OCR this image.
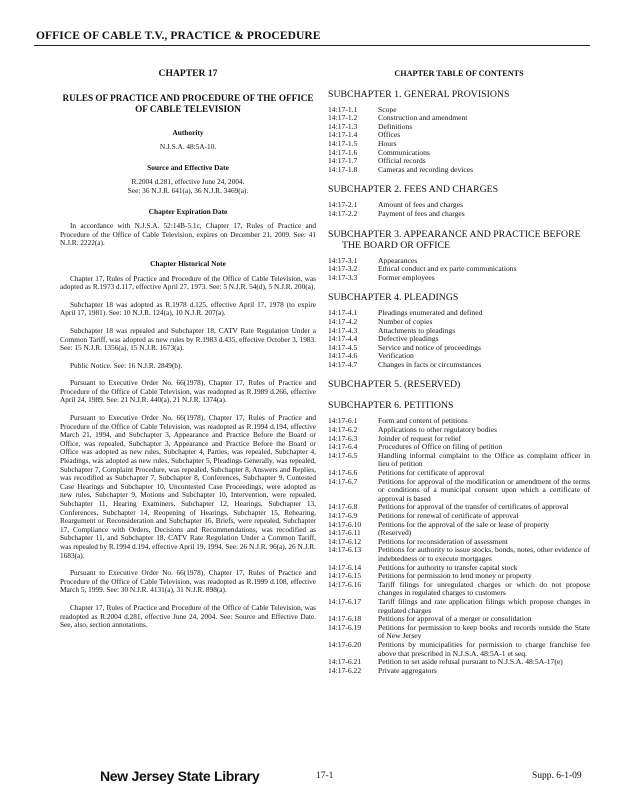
OFFICE OF CABLE T.V., PRACTICE & PROCEDURE
CHAPTER 17
RULES OF PRACTICE AND PROCEDURE OF THE OFFICE OF CABLE TELEVISION
Authority
N.J.S.A. 48:5A-10.
Source and Effective Date
R.2004 d.281, effective June 24, 2004.
See: 36 N.J.R. 641(a), 36 N.J.R. 3469(a).
Chapter Expiration Date

In accordance with N.J.S.A. 52:14B-5.1c, Chapter 17, Rules of Practice and Procedure of the Office of Cable Television, expires on December 21, 2009. See: 41 N.J.R. 2222(a).

Chapter Historical Note

Chapter 17, Rules of Practice and Procedure of the Office of Cable Television, was adopted as R.1973 d.117, effective April 27, 1973. See: 5 N.J.R. 54(d), 5 N.J.R. 200(a).

Subchapter 18 was adopted as R.1978 d.125, effective April 17, 1978 (to expire April 17, 1981). See: 10 N.J.R. 124(a), 10 N.J.R. 207(a).

Subchapter 18 was repealed and Subchapter 18, CATV Rate Regulation Under a Common Tariff, was adopted as new rules by R.1983 d.435, effective October 3, 1983. See: 15 N.J.R. 1356(a), 15 N.J.R. 1673(a).

Public Notice. See: 16 N.J.R. 2849(b).

Pursuant to Executive Order No. 66(1978), Chapter 17, Rules of Practice and Procedure of the Office of Cable Television, was readopted as R.1989 d.266, effective April 24, 1989. See: 21 N.J.R. 440(a), 21 N.J.R. 1374(a).

Pursuant to Executive Order No. 66(1978), Chapter 17, Rules of Practice and Procedure of the Office of Cable Television, was readopted as R.1994 d.194, effective March 21, 1994, and Subchapter 3, Appearance and Practice Before the Board or Office, was repealed, Subchapter 3, Appearance and Practice Before the Board or Office was adopted as new rules, Subchapter 4, Parties, was repealed, Subchapter 4, Pleadings, was adopted as new rules, Subchapter 5, Pleadings Generally, was repealed, Subchapter 7, Complaint Procedure, was repealed, Subchapter 8, Answers and Replies, was recodified as Subchapter 7, Subchapter 8, Conferences, Subchapter 9, Contested Case Hearings and Subchapter 10, Uncontested Case Proceedings, were adopted as new rules, Subchapter 9, Motions and Subchapter 10, Intervention, were repealed, Subchapter 11, Hearing Examiners, Subchapter 12, Hearings, Subchapter 13, Conferences, Subchapter 14, Reopening of Hearings, Subchapter 15, Rehearing, Reargument or Reconsideration and Subchapter 16, Briefs, were repealed, Subchapter 17, Compliance with Orders, Decisions and Recommendations, was recodified as Subchapter 11, and Subchapter 18, CATV Rate Regulation Under a Common Tariff, was repealed by R.1994 d.194, effective April 19, 1994. See: 26 N.J.R. 96(a), 26 N.J.R. 1683(a).

Pursuant to Executive Order No. 66(1978), Chapter 17, Rules of Practice and Procedure of the Office of Cable Television, was readopted as R.1999 d.108, effective March 5, 1999. See: 30 N.J.R. 4131(a), 31 N.J.R. 898(a).

Chapter 17, Rules of Practice and Procedure of the Office of Cable Television, was readopted as R.2004 d.281, effective June 24, 2004. See: Source and Effective Date. See, also, section annotations.

CHAPTER TABLE OF CONTENTS
SUBCHAPTER 1. GENERAL PROVISIONS
14:17-1.1	Scope
14:17-1.2	Construction and amendment
14:17-1.3	Definitions
14:17-1.4	Offices
14:17-1.5	Hours
14:17-1.6	Communications
14:17-1.7	Official records
14:17-1.8	Cameras and recording devices
SUBCHAPTER 2. FEES AND CHARGES
14:17-2.1	Amount of fees and charges
14:17-2.2	Payment of fees and charges
SUBCHAPTER 3. APPEARANCE AND PRACTICE BEFORE
THE BOARD OR OFFICE
14:17-3.1	Appearances
14:17-3.2	Ethical conduct and ex parte communications
14:17-3.3	Former employees
SUBCHAPTER 4. PLEADINGS
14:17-4.1	Pleadings enumerated and defined
14:17-4.2	Number of copies
14:17-4.3	Attachments to pleadings
14:17-4.4	Defective pleadings
14:17-4.5	Service and notice of proceedings
14:17-4.6	Verification
14:17-4.7	Changes in facts or circumstances
SUBCHAPTER 5. (RESERVED)
SUBCHAPTER 6. PETITIONS
14:17-6.1	Form and content of petitions
14:17-6.2	Applications to other regulatory bodies
14:17-6.3	Joinder of request for relief
14:17-6.4	Procedures of Office on filing of petition
14:17-6.5	Handling informal complaint to the Office as complaint officer in lieu of petition
14:17-6.6	Petitions for certificate of approval
14:17-6.7	Petitions for approval of the modification or amendment of the terms or conditions of a municipal consent upon which a certificate of approval is based
14:17-6.8	Petitions for approval of the transfer of certificates of approval
14:17-6.9	Petitions for renewal of certificate of approval
14:17-6.10	Petitions for the approval of the sale or lease of property
14:17-6.11	(Reserved)
14:17-6.12	Petitions for reconsideration of assessment
14:17-6.13	Petitions for authority to issue stocks, bonds, notes, other evidence of indebtedness or to execute mortgages
14:17-6.14	Petitions for authority to transfer capital stock
14:17-6.15	Petitions for permission to lend money or property
14:17-6.16	Tariff filings for unregulated charges or which do not propose changes in regulated charges to customers
14:17-6.17	Tariff filings and rate application filings which propose changes in regulated charges
14:17-6.18	Petitions for approval of a merger or consolidation
14:17-6.19	Petitions for permission to keep books and records outside the State of New Jersey
14:17-6.20	Petitions by municipalities for permission to charge franchise fee above that prescribed in N.J.S.A. 48:5A-1 et seq.
14:17-6.21	Petition to set aside refusal pursuant to N.J.S.A. 48:5A-17(e)
14:17-6.22	Private aggregators
New Jersey State Library	17-1	Supp. 6-1-09
